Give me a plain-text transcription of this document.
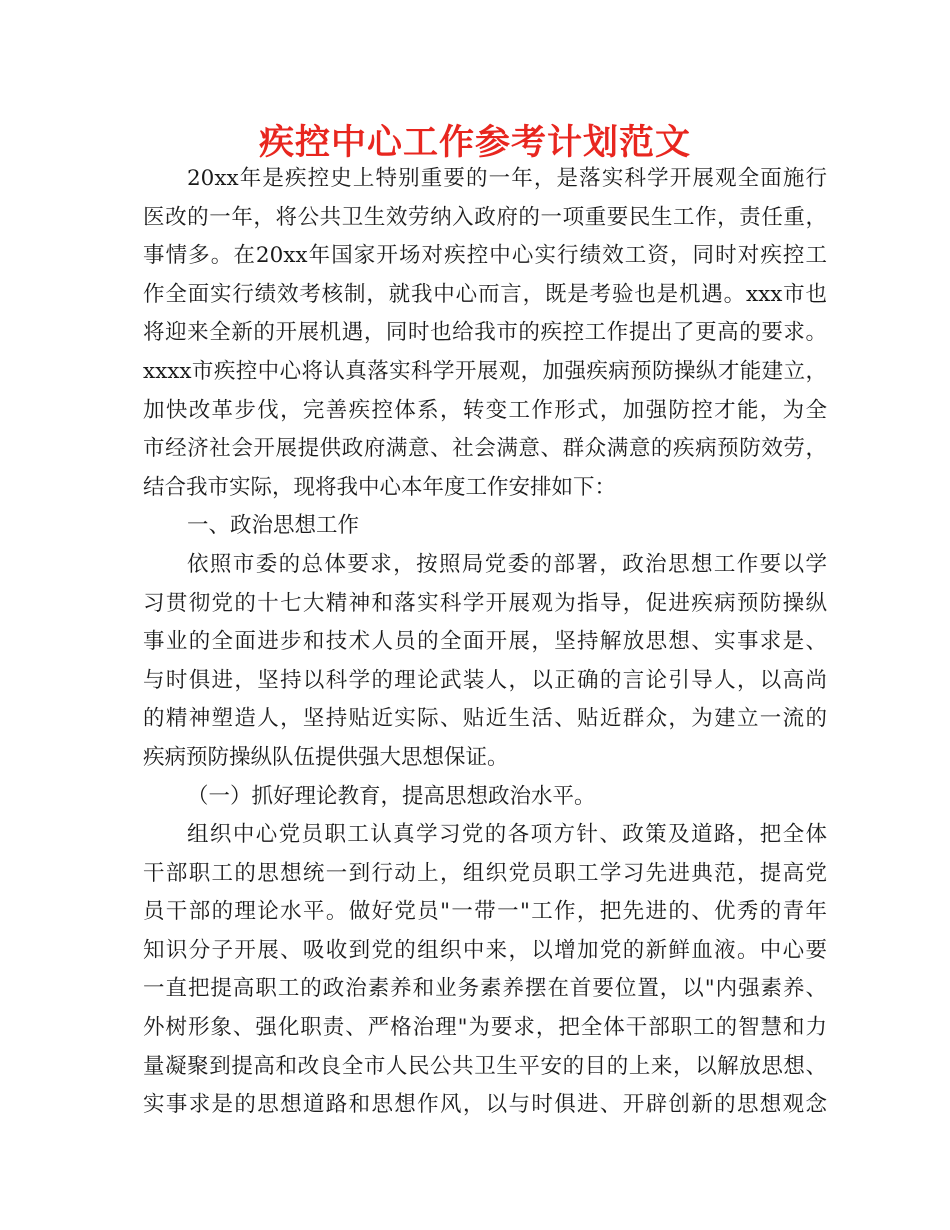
疾控中心工作参考计划范文
20xx年是疾控史上特别重要的一年，是落实科学开展观全面施行
医改的一年，将公共卫生效劳纳入政府的一项重要民生工作，责任重，
事情多。在20xx年国家开场对疾控中心实行绩效工资，同时对疾控工
作全面实行绩效考核制，就我中心而言，既是考验也是机遇。xxx市也
将迎来全新的开展机遇，同时也给我市的疾控工作提出了更高的要求。
xxxx市疾控中心将认真落实科学开展观，加强疾病预防操纵才能建立，
加快改革步伐，完善疾控体系，转变工作形式，加强防控才能，为全
市经济社会开展提供政府满意、社会满意、群众满意的疾病预防效劳，
结合我市实际，现将我中心本年度工作安排如下：
一、政治思想工作
依照市委的总体要求，按照局党委的部署，政治思想工作要以学
习贯彻党的十七大精神和落实科学开展观为指导，促进疾病预防操纵
事业的全面进步和技术人员的全面开展，坚持解放思想、实事求是、
与时俱进，坚持以科学的理论武装人，以正确的言论引导人，以高尚
的精神塑造人，坚持贴近实际、贴近生活、贴近群众，为建立一流的
疾病预防操纵队伍提供强大思想保证。
（一）抓好理论教育，提高思想政治水平。
组织中心党员职工认真学习党的各项方针、政策及道路，把全体
干部职工的思想统一到行动上，组织党员职工学习先进典范，提高党
员干部的理论水平。做好党员"一带一"工作，把先进的、优秀的青年
知识分子开展、吸收到党的组织中来，以增加党的新鲜血液。中心要
一直把提高职工的政治素养和业务素养摆在首要位置，以"内强素养、
外树形象、强化职责、严格治理"为要求，把全体干部职工的智慧和力
量凝聚到提高和改良全市人民公共卫生平安的目的上来，以解放思想、
实事求是的思想道路和思想作风，以与时俱进、开辟创新的思想观念
